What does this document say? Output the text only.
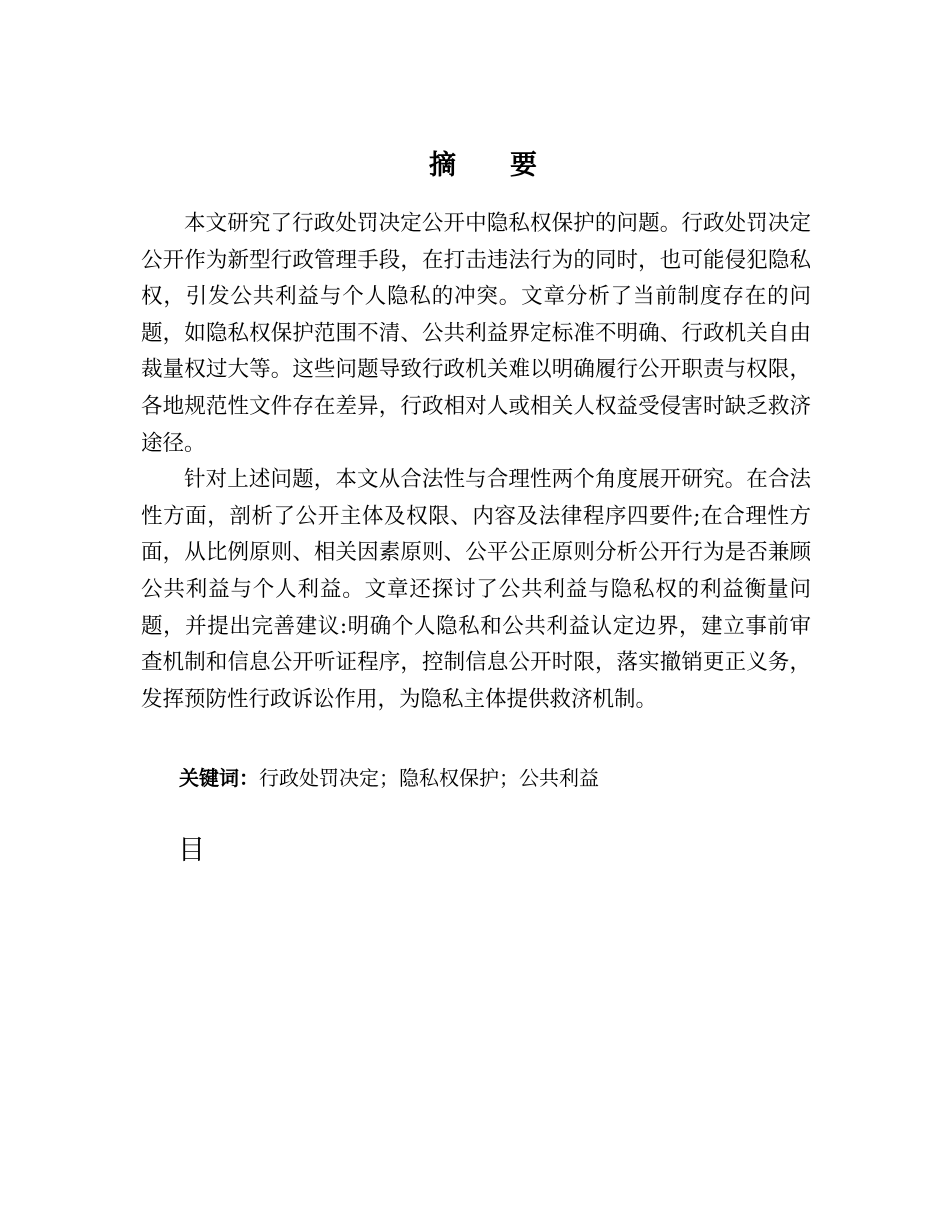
摘 要

本文研究了行政处罚决定公开中隐私权保护的问题。行政处罚决定公开作为新型行政管理手段，在打击违法行为的同时，也可能侵犯隐私权，引发公共利益与个人隐私的冲突。文章分析了当前制度存在的问题，如隐私权保护范围不清、公共利益界定标准不明确、行政机关自由裁量权过大等。这些问题导致行政机关难以明确履行公开职责与权限，各地规范性文件存在差异，行政相对人或相关人权益受侵害时缺乏救济途径。

针对上述问题，本文从合法性与合理性两个角度展开研究。在合法性方面，剖析了公开主体及权限、内容及法律程序四要件;在合理性方面，从比例原则、相关因素原则、公平公正原则分析公开行为是否兼顾公共利益与个人利益。文章还探讨了公共利益与隐私权的利益衡量问题，并提出完善建议:明确个人隐私和公共利益认定边界，建立事前审查机制和信息公开听证程序，控制信息公开时限，落实撤销更正义务，发挥预防性行政诉讼作用，为隐私主体提供救济机制。

关键词：行政处罚决定；隐私权保护；公共利益
目
